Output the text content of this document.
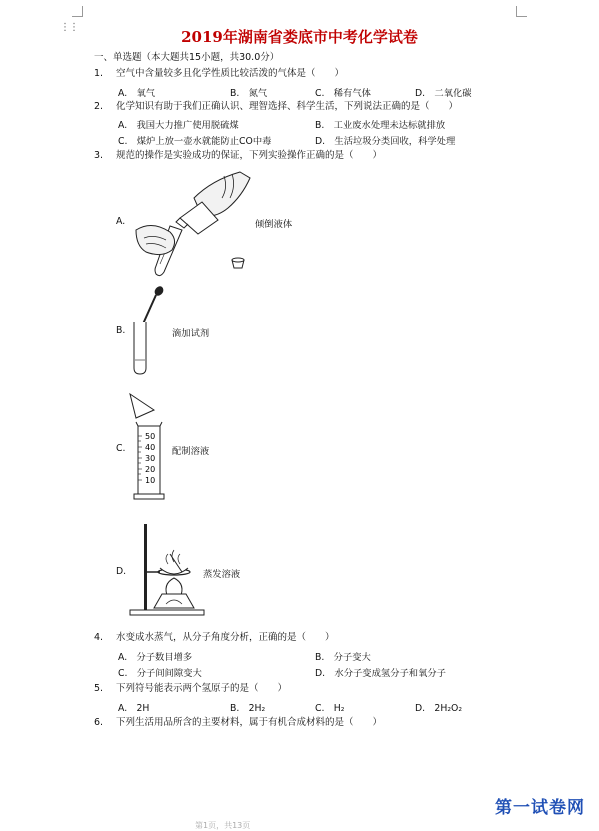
⋮⋮
2019年湖南省娄底市中考化学试卷
一、单选题（本大题共15小题，共30.0分）
1. 空气中含量较多且化学性质比较活泼的气体是（　　）
A.　氧气	B.　氮气	C.　稀有气体	D.　二氧化碳
2. 化学知识有助于我们正确认识、理智选择、科学生活，下列说法正确的是（　　）
A.　我国大力推广使用脱硫煤	B.　工业废水处理未达标就排放
C.　煤炉上放一壶水就能防止CO中毒	D.　生活垃圾分类回收，科学处理
3. 规范的操作是实验成功的保证，下列实验操作正确的是（　　）
A.	倾倒液体
B.	滴加试剂
C.
50
40
30
20
10
配制溶液
D.	蒸发溶液
4. 水变成水蒸气，从分子角度分析，正确的是（　　）
A.　分子数目增多	B.　分子变大
C.　分子间间隙变大	D.　水分子变成氢分子和氧分子
5. 下列符号能表示两个氢原子的是（　　）
A.　2H	B.　2H₂	C.　H₂	D.　2H₂O₂
6. 下列生活用品所含的主要材料，属于有机合成材料的是（　　）
第一试卷网
第1页，共13页
